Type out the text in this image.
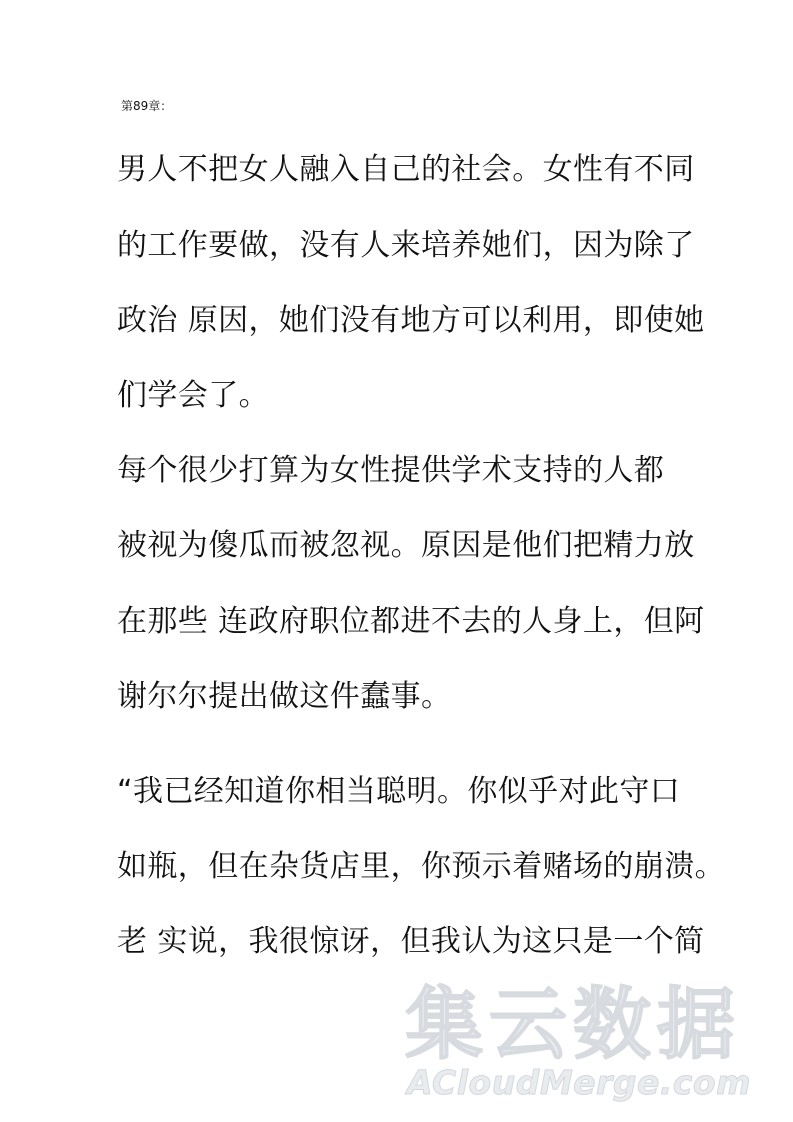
第89章：
男人不把女人融入自己的社会。女性有不同
的工作要做，没有人来培养她们，因为除了
政治 原因，她们没有地方可以利用，即使她
们学会了。
每个很少打算为女性提供学术支持的人都
被视为傻瓜而被忽视。原因是他们把精力放
在那些 连政府职位都进不去的人身上，但阿
谢尔尔提出做这件蠢事。
“我已经知道你相当聪明。你似乎对此守口
如瓶，但在杂货店里，你预示着赌场的崩溃。
老 实说，我很惊讶，但我认为这只是一个简
集云数据
ACloudMerge.com
